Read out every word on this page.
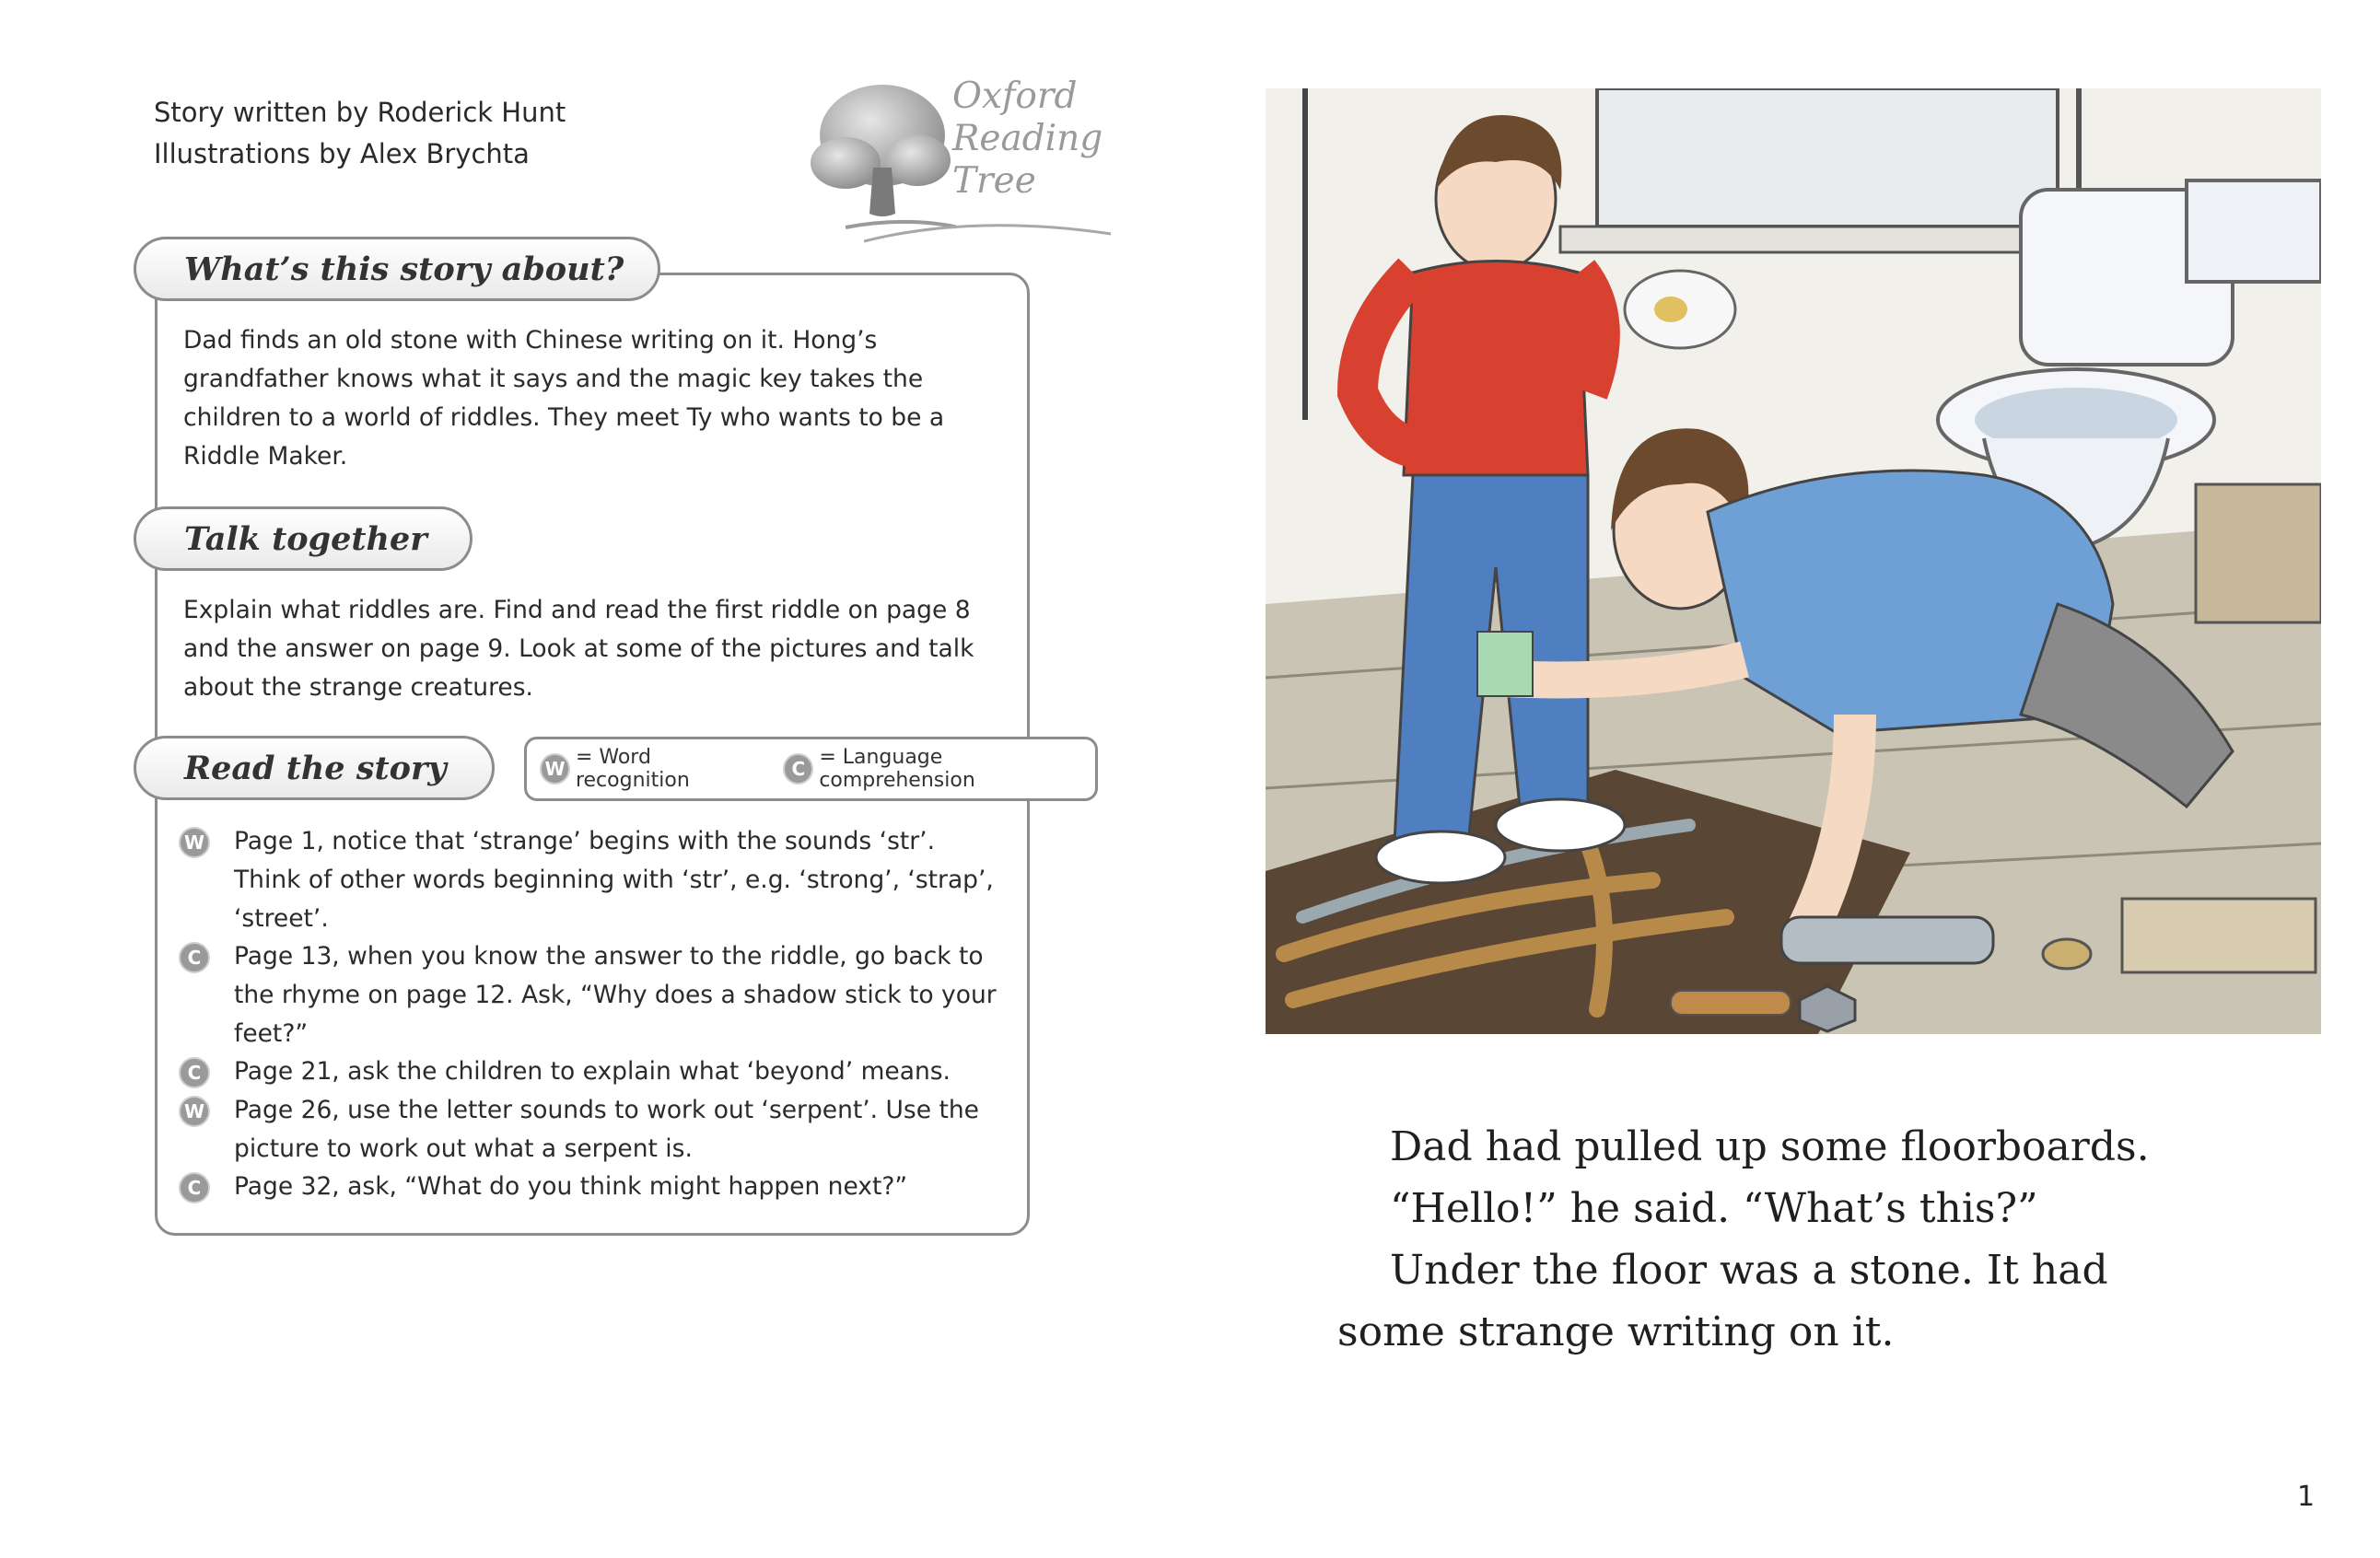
Story written by Roderick Hunt
Illustrations by Alex Brychta
Oxford
Reading
Tree
What’s this story about?
Dad finds an old stone with Chinese writing on it. Hong’s
grandfather knows what it says and the magic key takes the
children to a world of riddles. They meet Ty who wants to be a
Riddle Maker.
Talk together
Explain what riddles are. Find and read the first riddle on page 8
and the answer on page 9. Look at some of the pictures and talk
about the strange creatures.
Read the story	W = Word recognition	C = Language comprehension
W Page 1, notice that ‘strange’ begins with the sounds ‘str’.
Think of other words beginning with ‘str’, e.g. ‘strong’, ‘strap’,
‘street’.
C	Page 13, when you know the answer to the riddle, go back to
the rhyme on page 12. Ask, “Why does a shadow stick to your
feet?”
C	Page 21, ask the children to explain what ‘beyond’ means.
W Page 26, use the letter sounds to work out ‘serpent’. Use the
picture to work out what a serpent is.
C	Page 32, ask, “What do you think might happen next?”
Dad had pulled up some floorboards.
“Hello!” he said. “What’s this?”
Under the floor was a stone. It had
some strange writing on it.
1
